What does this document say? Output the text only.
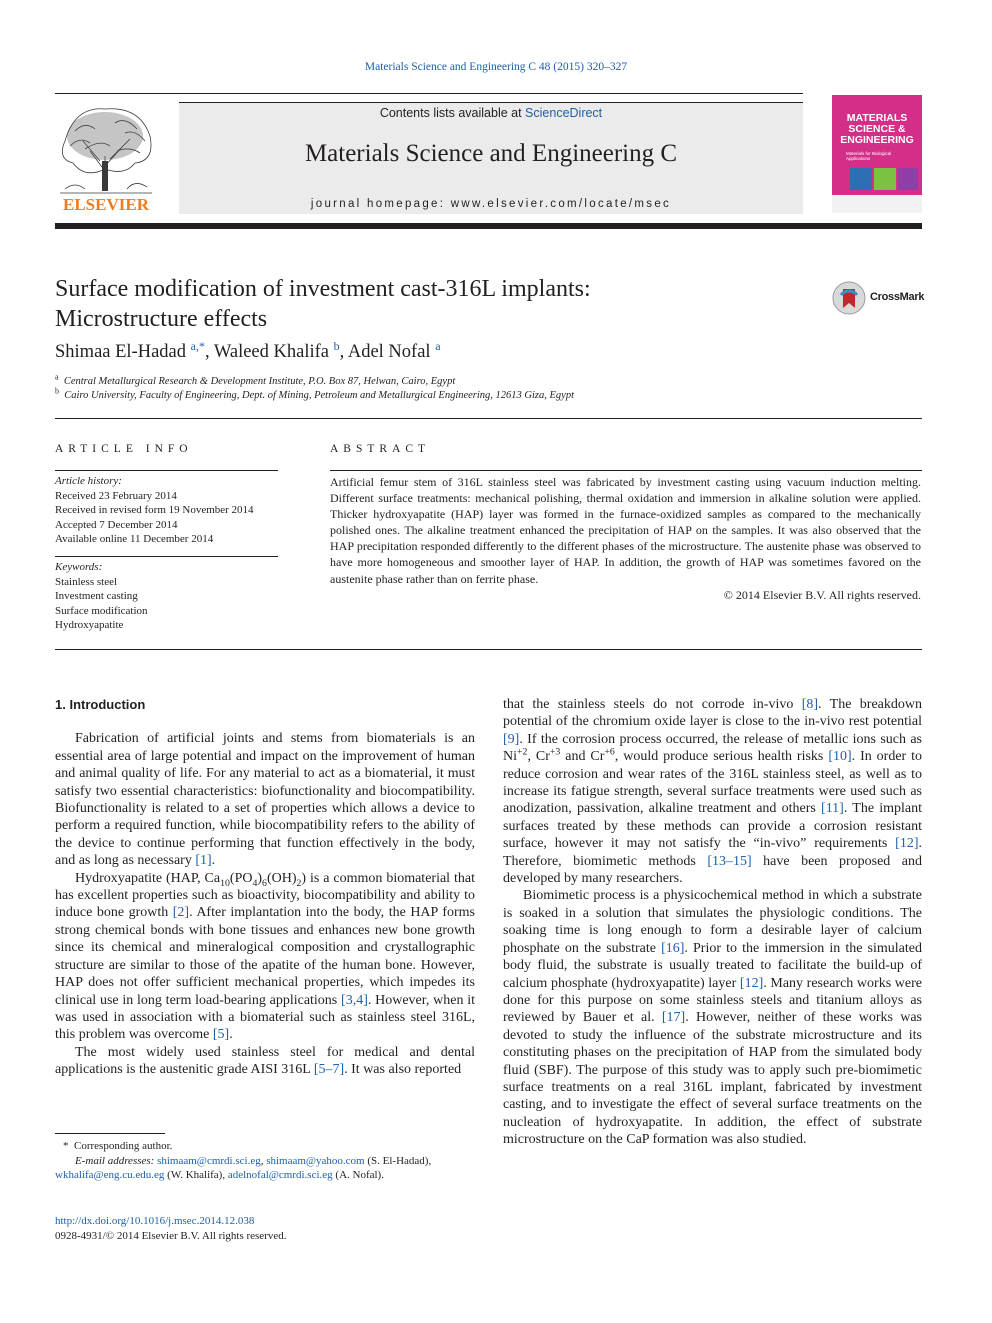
Materials Science and Engineering C 48 (2015) 320–327
ELSEVIER
Contents lists available at ScienceDirect
Materials Science and Engineering C
journal homepage: www.elsevier.com/locate/msec
MATERIALS SCIENCE & ENGINEERING
Materials for Biological Applications
Surface modification of investment cast-316L implants:
Microstructure effects
CrossMark
Shimaa El-Hadad $^{a,*}$, Waleed Khalifa $^b$, Adel Nofal $^a$
$^a$ Central Metallurgical Research & Development Institute, P.O. Box 87, Helwan, Cairo, Egypt
$^b$ Cairo University, Faculty of Engineering, Dept. of Mining, Petroleum and Metallurgical Engineering, 12613 Giza, Egypt
ARTICLE INFO
Article history:
Received 23 February 2014
Received in revised form 19 November 2014
Accepted 7 December 2014
Available online 11 December 2014
Keywords:
Stainless steel
Investment casting
Surface modification
Hydroxyapatite
ABSTRACT
Artificial femur stem of 316L stainless steel was fabricated by investment casting using vacuum induction melting. Different surface treatments: mechanical polishing, thermal oxidation and immersion in alkaline solution were applied. Thicker hydroxyapatite (HAP) layer was formed in the furnace-oxidized samples as compared to the mechanically polished ones. The alkaline treatment enhanced the precipitation of HAP on the samples. It was also observed that the HAP precipitation responded differently to the different phases of the microstructure. The austenite phase was observed to have more homogeneous and smoother layer of HAP. In addition, the growth of HAP was sometimes favored on the austenite phase rather than on ferrite phase.
© 2014 Elsevier B.V. All rights reserved.

1. Introduction

Fabrication of artificial joints and stems from biomaterials is an essential area of large potential and impact on the improvement of human and animal quality of life. For any material to act as a biomaterial, it must satisfy two essential characteristics: biofunctionality and biocompatibility. Biofunctionality is related to a set of properties which allows a device to perform a required function, while biocompatibility refers to the ability of the device to continue performing that function effectively in the body, and as long as necessary [1].

Hydroxyapatite (HAP, $Ca_{10}(PO_4)_6(OH)_2$) is a common biomaterial that has excellent properties such as bioactivity, biocompatibility and ability to induce bone growth [2]. After implantation into the body, the HAP forms strong chemical bonds with bone tissues and enhances new bone growth since its chemical and mineralogical composition and crystallographic structure are similar to those of the apatite of the human bone. However, HAP does not offer sufficient mechanical properties, which impedes its clinical use in long term load-bearing applications [3,4]. However, when it was used in association with a biomaterial such as stainless steel 316L, this problem was overcome [5].

The most widely used stainless steel for medical and dental applications is the austenitic grade AISI 316L [5–7]. It was also reported

that the stainless steels do not corrode in-vivo [8]. The breakdown potential of the chromium oxide layer is close to the in-vivo rest potential [9]. If the corrosion process occurred, the release of metallic ions such as $Ni^{+2}$, $Cr^{+3}$ and $Cr^{+6}$, would produce serious health risks [10]. In order to reduce corrosion and wear rates of the 316L stainless steel, as well as to increase its fatigue strength, several surface treatments were used such as anodization, passivation, alkaline treatment and others [11]. The implant surfaces treated by these methods can provide a corrosion resistant surface, however it may not satisfy the “in-vivo” requirements [12]. Therefore, biomimetic methods [13–15] have been proposed and developed by many researchers.

Biomimetic process is a physicochemical method in which a substrate is soaked in a solution that simulates the physiologic conditions. The soaking time is long enough to form a desirable layer of calcium phosphate on the substrate [16]. Prior to the immersion in the simulated body fluid, the substrate is usually treated to facilitate the build-up of calcium phosphate (hydroxyapatite) layer [12]. Many research works were done for this purpose on some stainless steels and titanium alloys as reviewed by Bauer et al. [17]. However, neither of these works was devoted to study the influence of the substrate microstructure and its constituting phases on the precipitation of HAP from the simulated body fluid (SBF). The purpose of this study was to apply such pre-biomimetic surface treatments on a real 316L implant, fabricated by investment casting, and to investigate the effect of several surface treatments on the nucleation of hydroxyapatite. In addition, the effect of substrate microstructure on the CaP formation was also studied.

* Corresponding author.
E-mail addresses: shimaam@cmrdi.sci.eg, shimaam@yahoo.com (S. El-Hadad),
wkhalifa@eng.cu.edu.eg (W. Khalifa), adelnofal@cmrdi.sci.eg (A. Nofal).
http://dx.doi.org/10.1016/j.msec.2014.12.038
0928-4931/© 2014 Elsevier B.V. All rights reserved.
